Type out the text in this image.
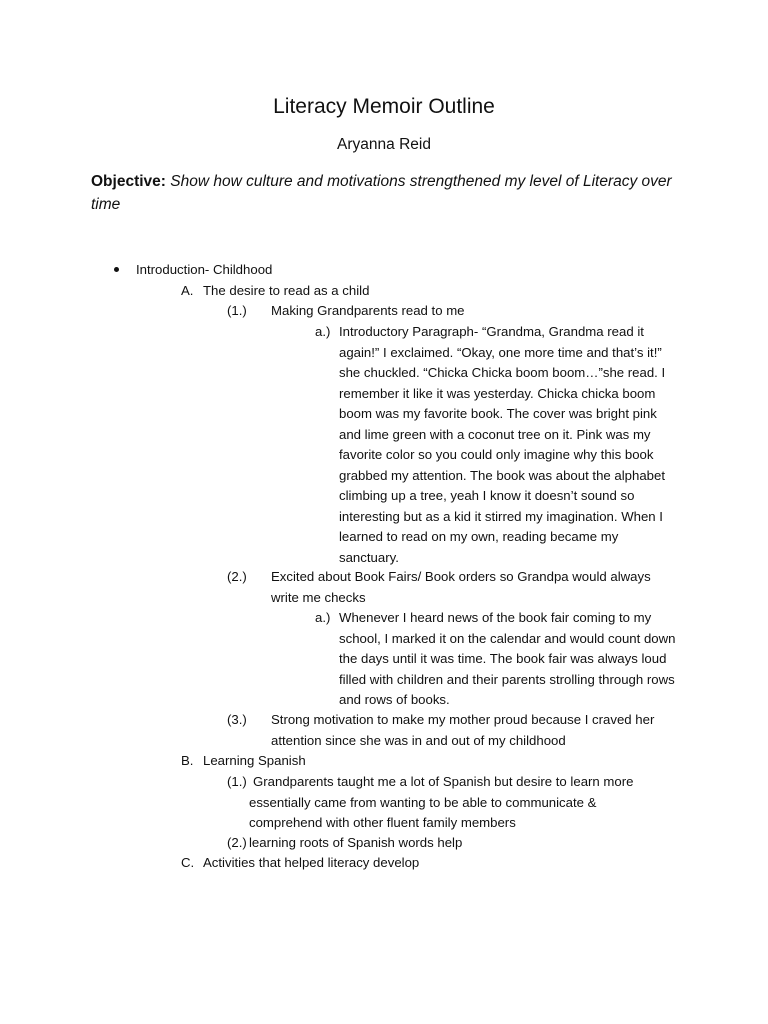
Literacy Memoir Outline
Aryanna Reid
Objective: Show how culture and motivations strengthened my level of Literacy over time
Introduction- Childhood
A. The desire to read as a child
(1.) Making Grandparents read to me
a.) Introductory Paragraph- “Grandma, Grandma read it again!” I exclaimed. “Okay, one more time and that’s it!” she chuckled. “Chicka Chicka boom boom…”she read. I remember it like it was yesterday. Chicka chicka boom boom was my favorite book. The cover was bright pink and lime green with a coconut tree on it. Pink was my favorite color so you could only imagine why this book grabbed my attention. The book was about the alphabet climbing up a tree, yeah I know it doesn’t sound so interesting but as a kid it stirred my imagination. When I learned to read on my own, reading became my sanctuary.
(2.) Excited about Book Fairs/ Book orders so Grandpa would always write me checks
a.) Whenever I heard news of the book fair coming to my school, I marked it on the calendar and would count down the days until it was time. The book fair was always loud filled with children and their parents strolling through rows and rows of books.
(3.) Strong motivation to make my mother proud because I craved her attention since she was in and out of my childhood
B. Learning Spanish
(1.) Grandparents taught me a lot of Spanish but desire to learn more essentially came from wanting to be able to communicate & comprehend with other fluent family members
(2.) learning roots of Spanish words help
C. Activities that helped literacy develop
